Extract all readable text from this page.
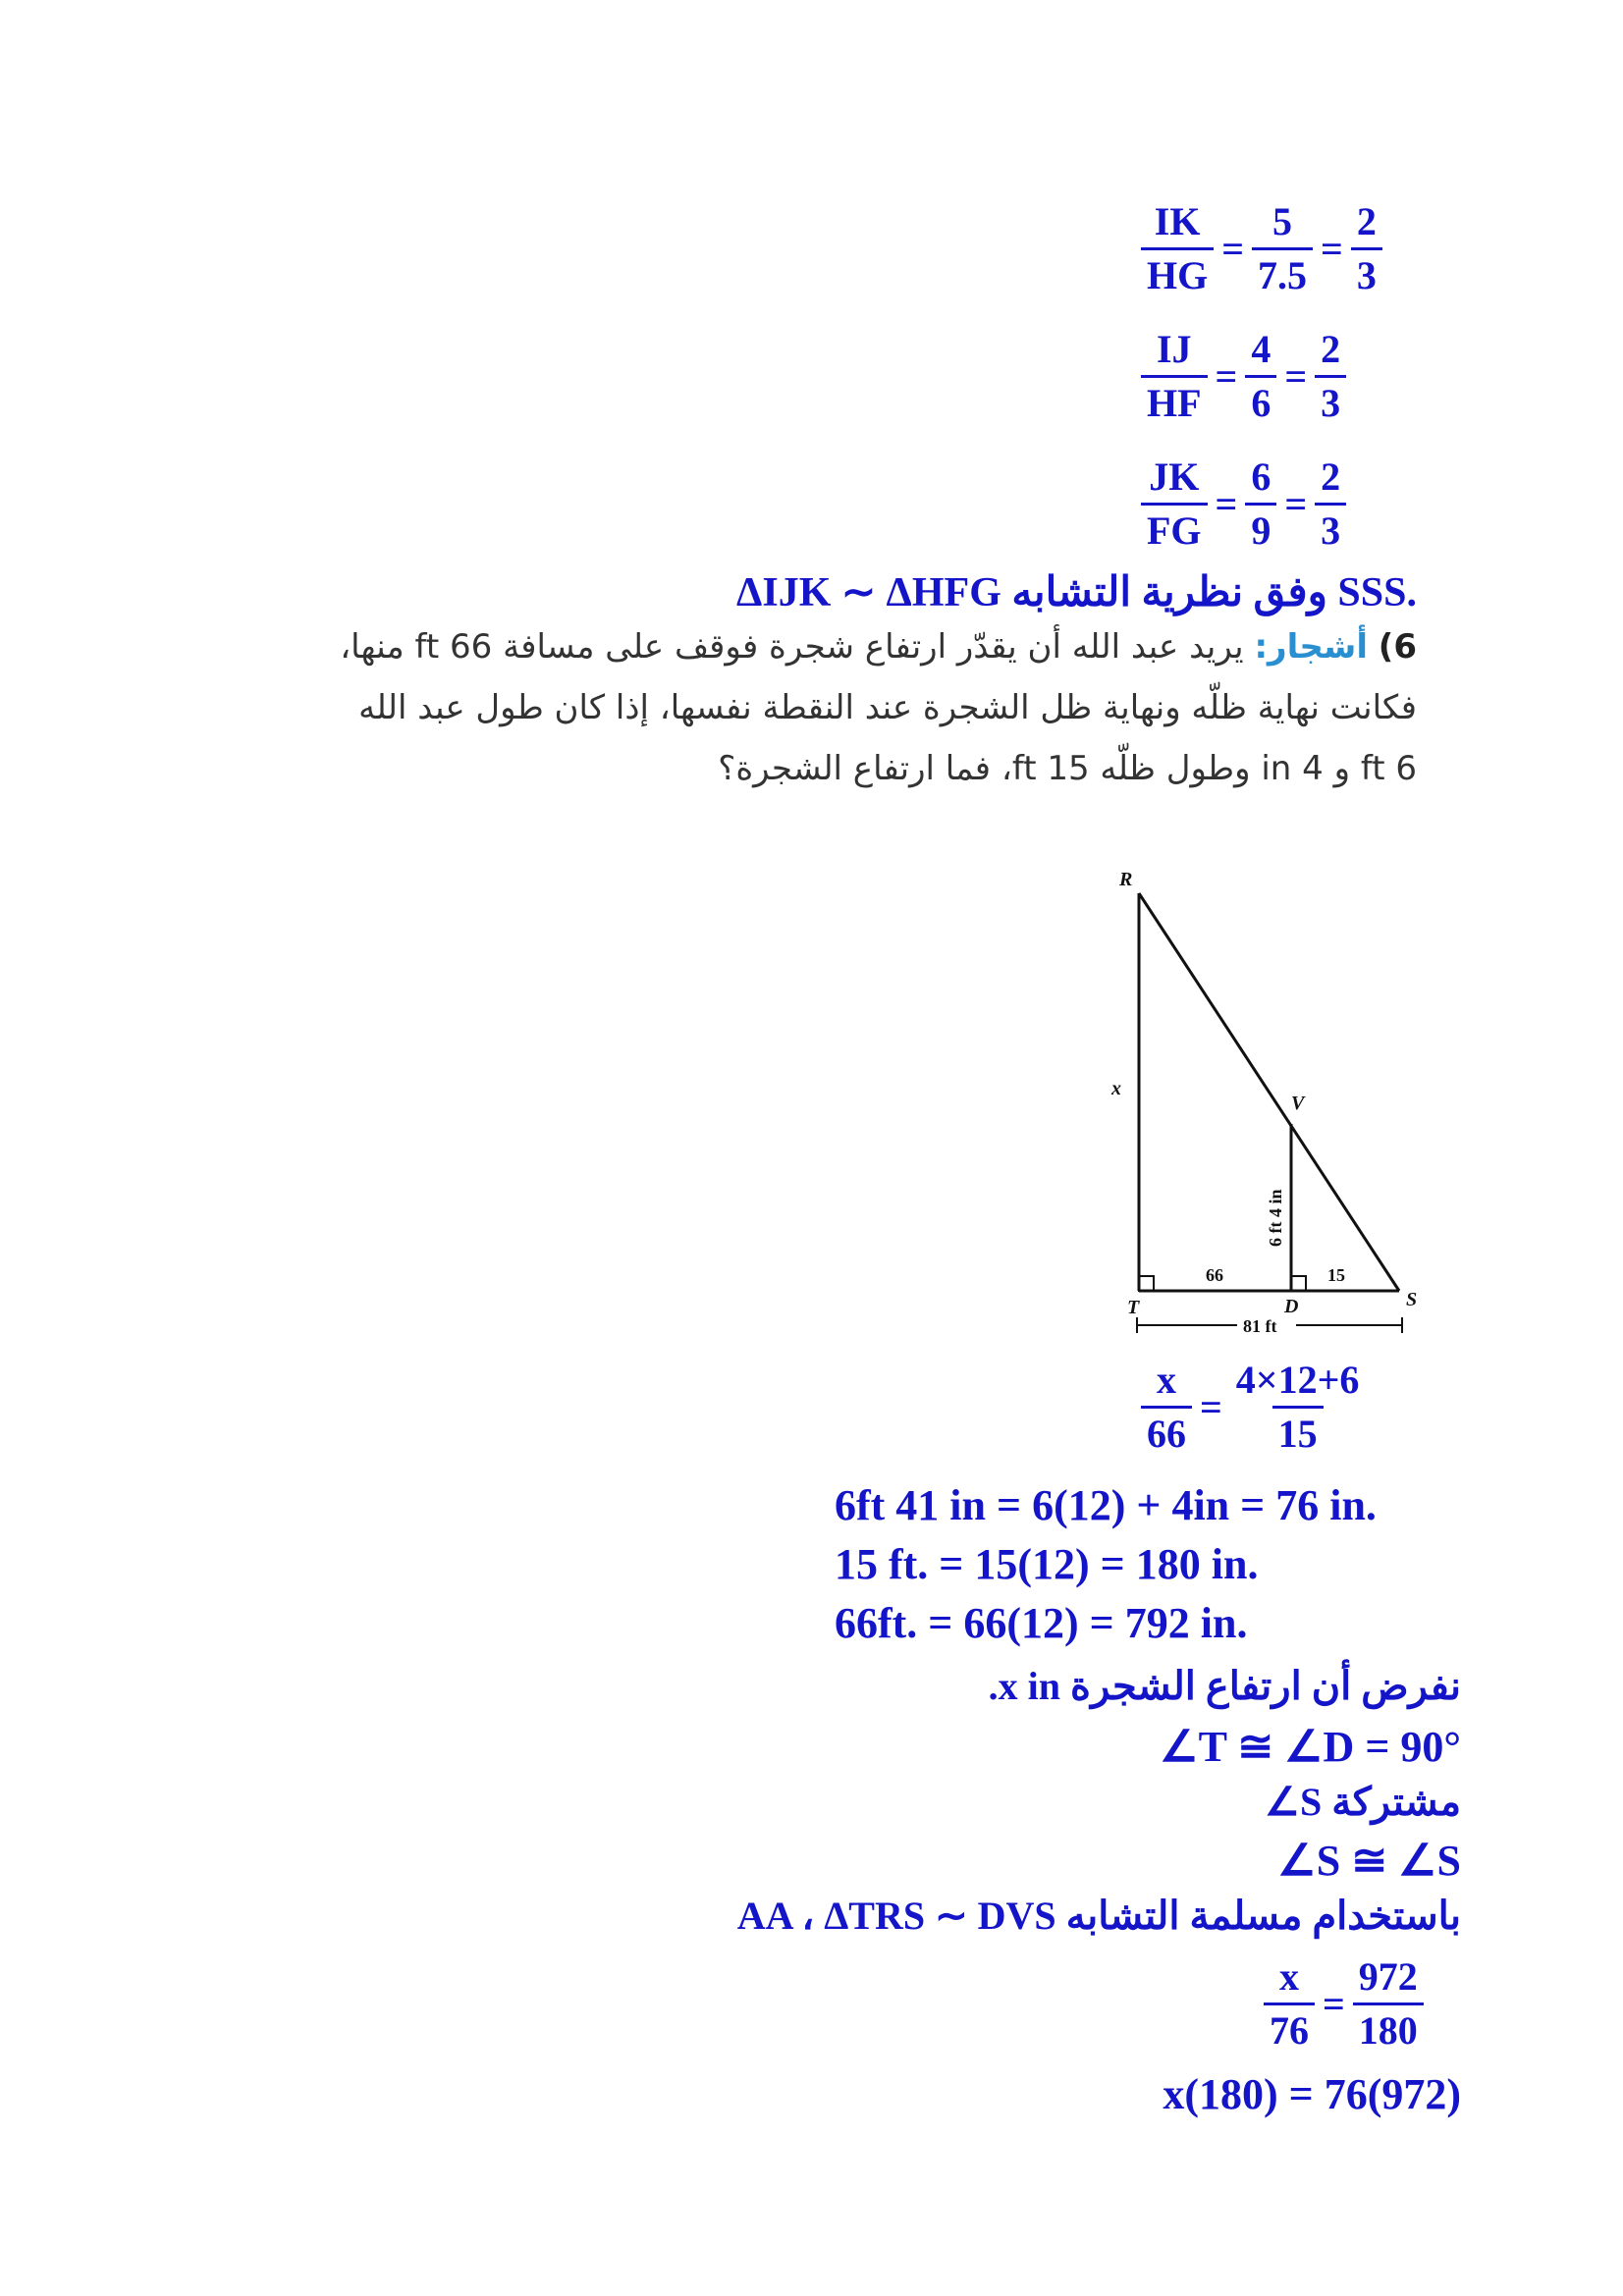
$\frac{IK}{HG} = \frac{5}{7.5} = \frac{2}{3}$
$\frac{IJ}{HF} = \frac{4}{6} = \frac{2}{3}$
$\frac{JK}{FG} = \frac{6}{9} = \frac{2}{3}$
ΔIJK ∼ ΔHFG وفق نظرية التشابه SSS.
6) أشجار: يريد عبد الله أن يقدّر ارتفاع شجرة فوقف على مسافة 66 ft منها،
فكانت نهاية ظلّه ونهاية ظل الشجرة عند النقطة نفسها، إذا كان طول عبد الله
6 ft و 4 in وطول ظلّه 15 ft، فما ارتفاع الشجرة؟
R
V
T	D	S
x
6 ft 4 in
66	15
81 ft
$\frac{x}{66} = \frac{4\times 12+6}{15}$
6ft 41 in = 6(12) + 4in = 76 in.
15 ft. = 15(12) = 180 in.
66ft. = 66(12) = 792 in.
نفرض أن ارتفاع الشجرة x in.
∠T ≅ ∠D = 90°
∠S مشتركة
∠S ≅ ∠S
باستخدام مسلمة التشابه AA ، ΔTRS ∼ DVS
$\frac{x}{76} = \frac{972}{180}$
x(180) = 76(972)
